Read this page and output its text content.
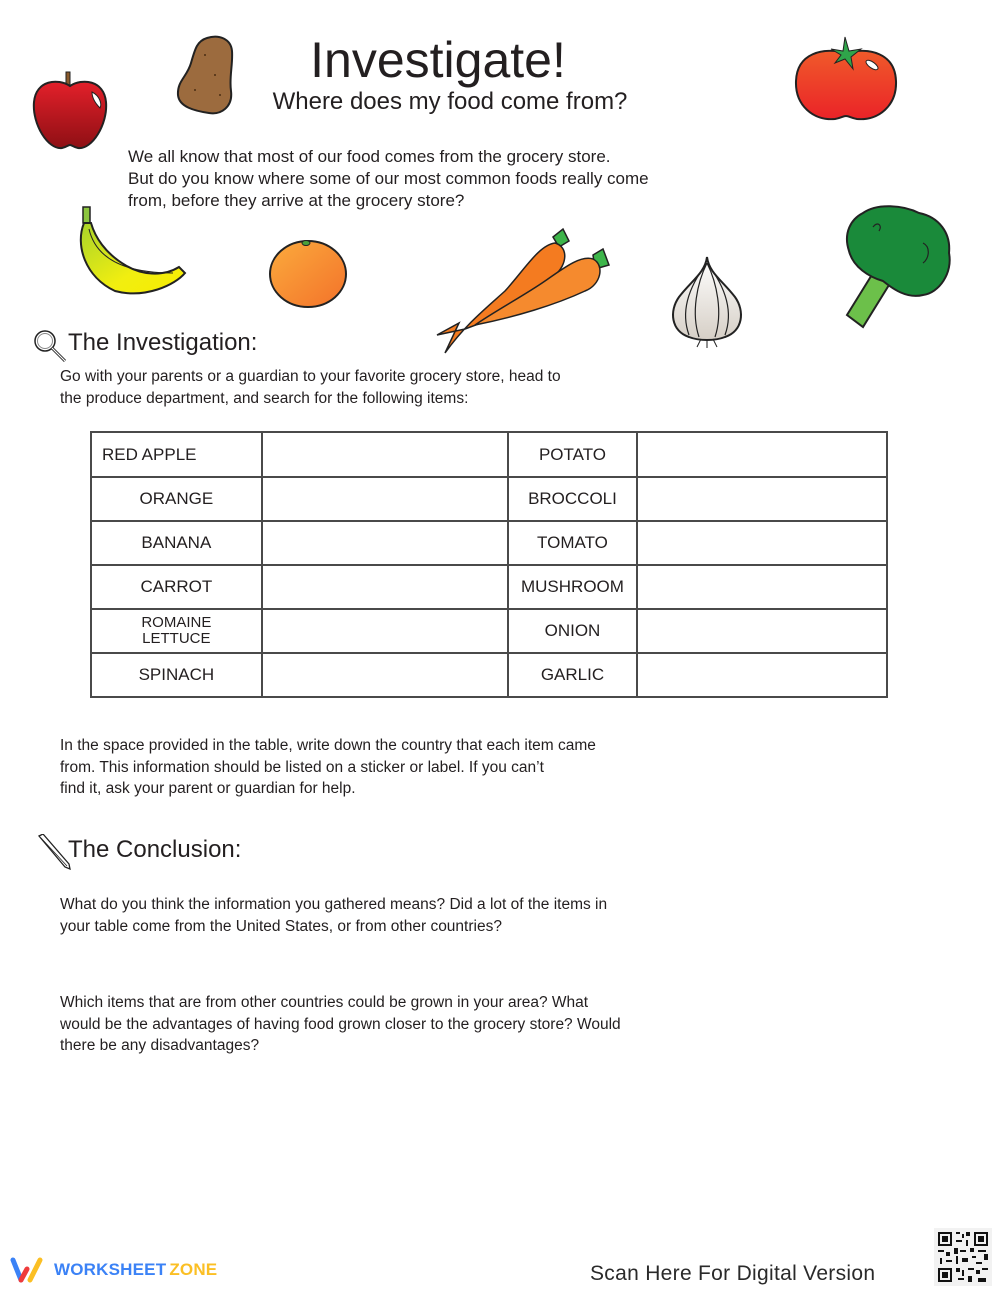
Investigate!
Where does my food come from?

We all know that most of our food comes from the grocery store.

But do you know where some of our most common foods really come

from, before they arrive at the grocery store?

The Investigation:

Go with your parents or a guardian to your favorite grocery store, head to

the produce department, and search for the following items:

RED APPLE		POTATO	
ORANGE		BROCCOLI	
BANANA		TOMATO	
CARROT		MUSHROOM	
ROMAINE LETTUCE		ONION	
SPINACH		GARLIC	

In the space provided in the table, write down the country that each item came

from. This information should be listed on a sticker or label. If you can’t

find it, ask your parent or guardian for help.

The Conclusion:

What do you think the information you gathered means? Did a lot of the items in

your table come from the United States, or from other countries?

Which items that are from other countries could be grown in your area? What

would be the advantages of having food grown closer to the grocery store? Would

there be any disadvantages?

WORKSHEET ZONE	Scan Here For Digital Version
